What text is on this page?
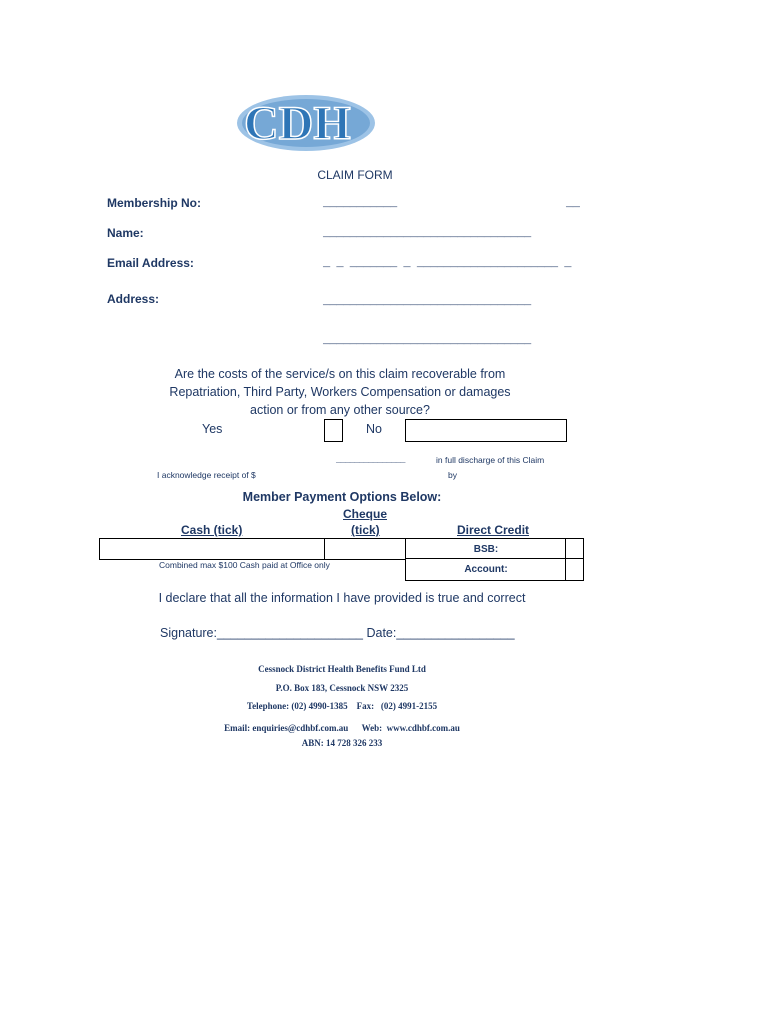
CDH
CLAIM FORM
Membership No:	___________	__
Name:	_______________________________
Email Address:	_ _ _______ _ _____________________ _
Address:	_______________________________
_______________________________
Are the costs of the service/s on this claim recoverable from
Repatriation, Third Party, Workers Compensation or damages
action or from any other source?
Yes	No
_______________	in full discharge of this Claim
I acknowledge receipt of $	by
Member Payment Options Below:
Cheque
Cash (tick)	(tick)	Direct Credit
BSB:
Account:
Combined max $100 Cash paid at Office only
I declare that all the information I have provided is true and correct
Signature:_____________________ Date:_________________
Cessnock District Health Benefits Fund Ltd
P.O. Box 183, Cessnock NSW 2325
Telephone: (02) 4990-1385    Fax:   (02) 4991-2155
Email: enquiries@cdhbf.com.au      Web:  www.cdhbf.com.au
ABN: 14 728 326 233
